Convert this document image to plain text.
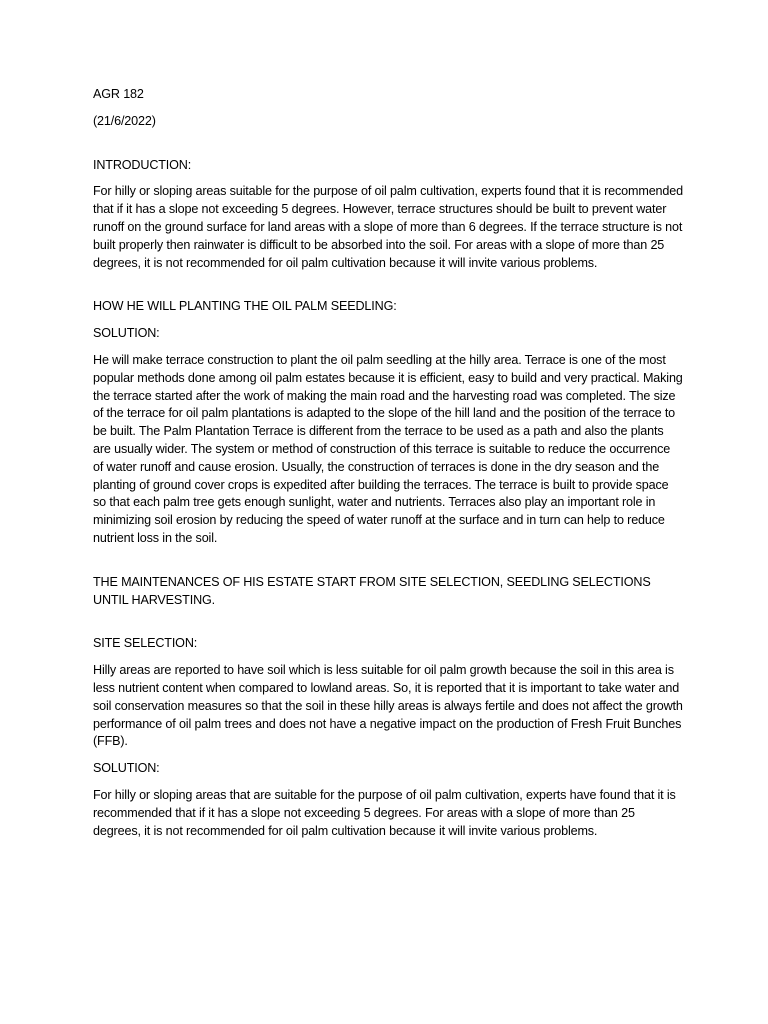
AGR 182

(21/6/2022)

INTRODUCTION:

For hilly or sloping areas suitable for the purpose of oil palm cultivation, experts found that it is recommended that if it has a slope not exceeding 5 degrees. However, terrace structures should be built to prevent water runoff on the ground surface for land areas with a slope of more than 6 degrees. If the terrace structure is not built properly then rainwater is difficult to be absorbed into the soil. For areas with a slope of more than 25 degrees, it is not recommended for oil palm cultivation because it will invite various problems.

HOW HE WILL PLANTING THE OIL PALM SEEDLING:

SOLUTION:

He will make terrace construction to plant the oil palm seedling at the hilly area. Terrace is one of the most popular methods done among oil palm estates because it is efficient, easy to build and very practical. Making the terrace started after the work of making the main road and the harvesting road was completed. The size of the terrace for oil palm plantations is adapted to the slope of the hill land and the position of the terrace to be built. The Palm Plantation Terrace is different from the terrace to be used as a path and also the plants are usually wider. The system or method of construction of this terrace is suitable to reduce the occurrence of water runoff and cause erosion. Usually, the construction of terraces is done in the dry season and the planting of ground cover crops is expedited after building the terraces. The terrace is built to provide space so that each palm tree gets enough sunlight, water and nutrients. Terraces also play an important role in minimizing soil erosion by reducing the speed of water runoff at the surface and in turn can help to reduce nutrient loss in the soil.

THE MAINTENANCES OF HIS ESTATE START FROM SITE SELECTION, SEEDLING SELECTIONS UNTIL HARVESTING.

SITE SELECTION:

Hilly areas are reported to have soil which is less suitable for oil palm growth because the soil in this area is less nutrient content when compared to lowland areas. So, it is reported that it is important to take water and soil conservation measures so that the soil in these hilly areas is always fertile and does not affect the growth performance of oil palm trees and does not have a negative impact on the production of Fresh Fruit Bunches (FFB).

SOLUTION:

For hilly or sloping areas that are suitable for the purpose of oil palm cultivation, experts have found that it is recommended that if it has a slope not exceeding 5 degrees. For areas with a slope of more than 25 degrees, it is not recommended for oil palm cultivation because it will invite various problems.
